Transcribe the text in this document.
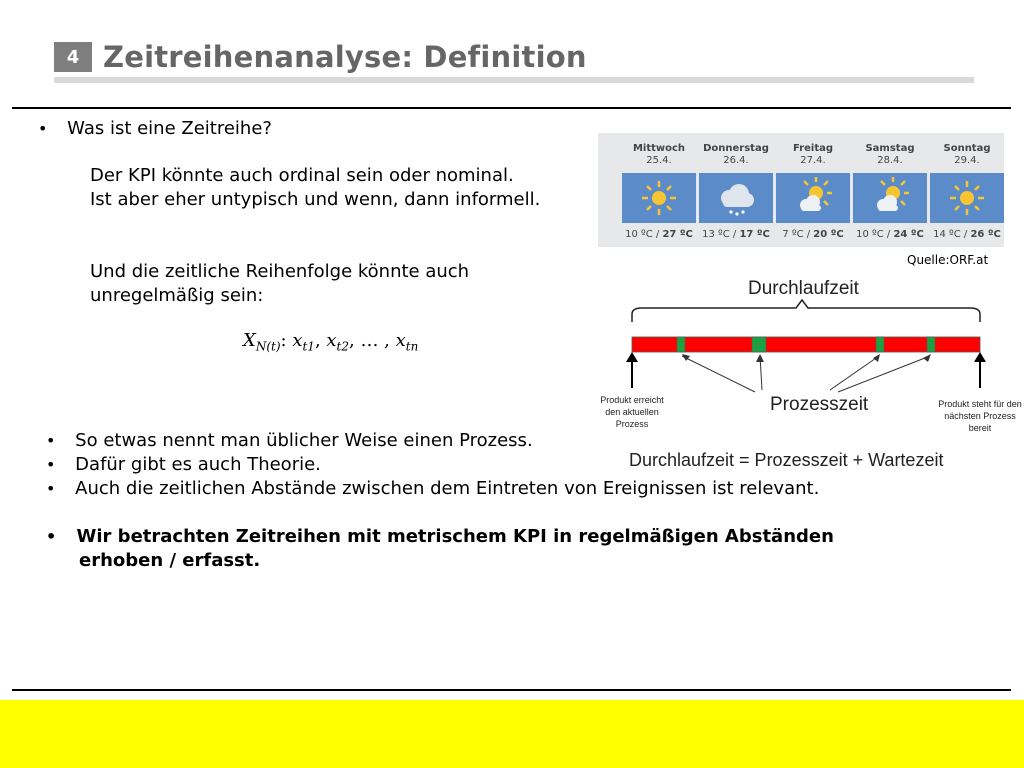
4 Zeitreihenanalyse: Definition
• Was ist eine Zeitreihe?
Der KPI könnte auch ordinal sein oder nominal.
Ist aber eher untypisch und wenn, dann informell.
Und die zeitliche Reihenfolge könnte auch
unregelmäßig sein:
$X_{N(t)}$: $x_{t1}$, $x_{t2}$, … , $x_{tn}$
• So etwas nennt man üblicher Weise einen Prozess.
• Dafür gibt es auch Theorie.
• Auch die zeitlichen Abstände zwischen dem Eintreten von Ereignissen ist relevant.
• Wir betrachten Zeitreihen mit metrischem KPI in regelmäßigen Abständen
erhoben / erfasst.
Mittwoch
25.4.
10 ºC / 27 ºC
Donnerstag
26.4.
13 ºC / 17 ºC
Freitag
27.4.
7 ºC / 20 ºC
Samstag
28.4.
10 ºC / 24 ºC
Sonntag
29.4.
14 ºC / 26 ºC
Quelle:ORF.at
Durchlaufzeit
Prozesszeit
Produkt erreicht
den aktuellen
Prozess
Produkt steht für den
nächsten Prozess
bereit
Durchlaufzeit = Prozesszeit + Wartezeit
